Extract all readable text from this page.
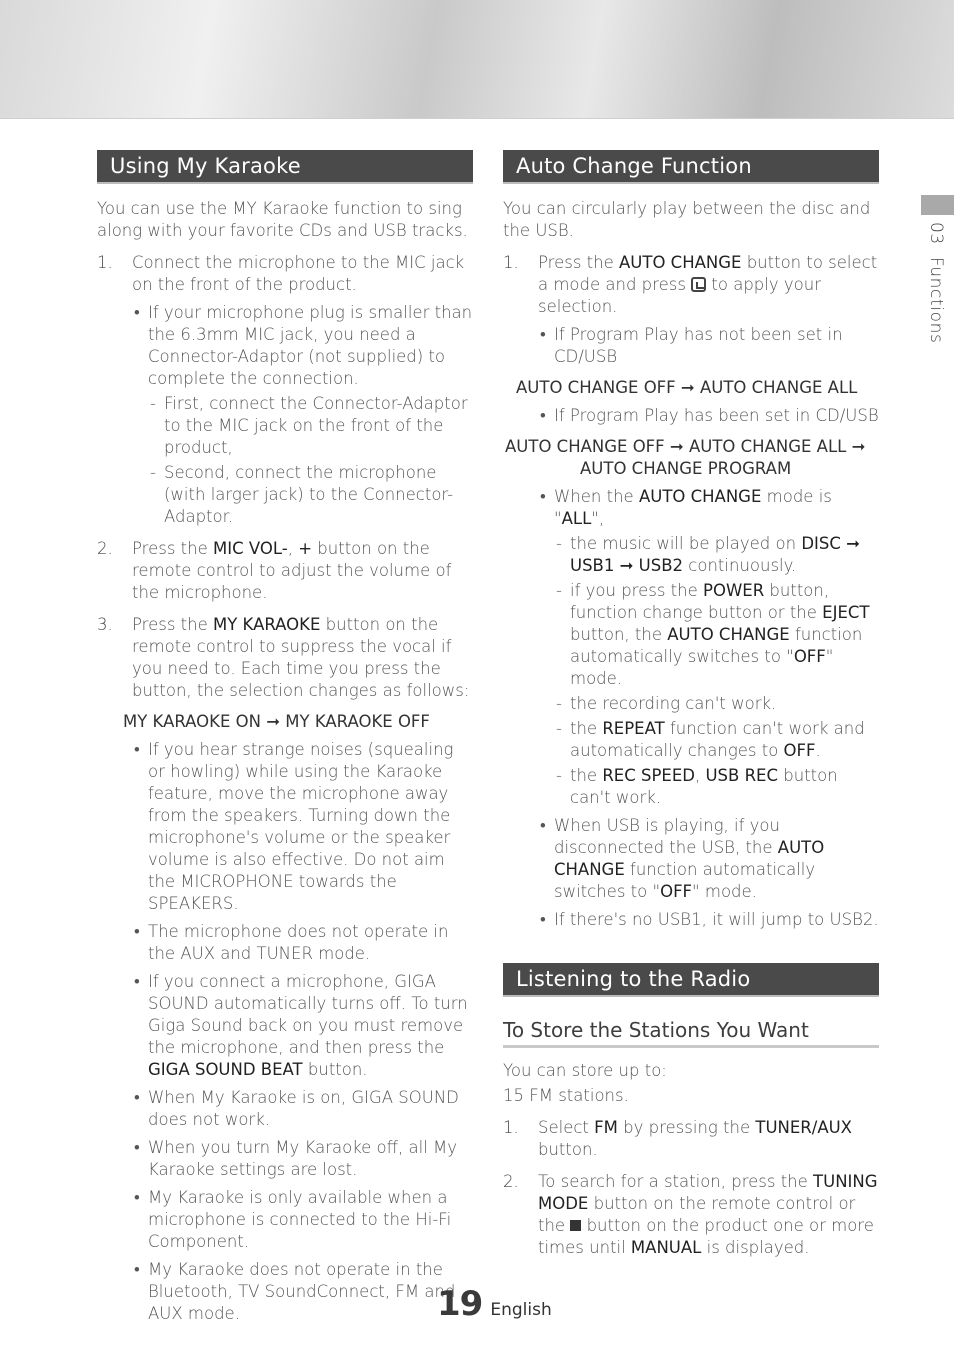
Using My Karaoke

You can use the MY Karaoke function to sing along with your favorite CDs and USB tracks.

1. Connect the microphone to the MIC jack on the front of the product.

• If your microphone plug is smaller than the 6.3mm MIC jack, you need a Connector-Adaptor (not supplied) to complete the connection.
- First, connect the Connector-Adaptor to the MIC jack on the front of the product,
- Second, connect the microphone (with larger jack) to the Connector-Adaptor.
2. Press the MIC VOL-, + button on the remote control to adjust the volume of the microphone.

3. Press the MY KARAOKE button on the remote control to suppress the vocal if you need to. Each time you press the button, the selection changes as follows:

MY KARAOKE ON ➞ MY KARAOKE OFF

• If you hear strange noises (squealing or howling) while using the Karaoke feature, move the microphone away from the speakers. Turning down the microphone's volume or the speaker volume is also effective. Do not aim the MICROPHONE towards the SPEAKERS.
• The microphone does not operate in the AUX and TUNER mode.
• If you connect a microphone, GIGA SOUND automatically turns off. To turn Giga Sound back on you must remove the microphone, and then press the GIGA SOUND BEAT button.
• When My Karaoke is on, GIGA SOUND does not work.
• When you turn My Karaoke off, all My Karaoke settings are lost.
• My Karaoke is only available when a microphone is connected to the Hi-Fi Component.
• My Karaoke does not operate in the Bluetooth, TV SoundConnect, FM and AUX mode.
Auto Change Function

You can circularly play between the disc and the USB.

1. Press the AUTO CHANGE button to select a mode and press  to apply your selection.

• If Program Play has not been set in CD/USB

AUTO CHANGE OFF ➞ AUTO CHANGE ALL

• If Program Play has been set in CD/USB

AUTO CHANGE OFF ➞ AUTO CHANGE ALL ➞

AUTO CHANGE PROGRAM

• When the AUTO CHANGE mode is "ALL",
- the music will be played on DISC ➞ USB1 ➞ USB2 continuously.
- if you press the POWER button, function change button or the EJECT button, the AUTO CHANGE function automatically switches to "OFF" mode.
- the recording can't work.
- the REPEAT function can't work and automatically changes to OFF.
- the REC SPEED, USB REC button can't work.
• When USB is playing, if you disconnected the USB, the AUTO CHANGE function automatically switches to "OFF" mode.
• If there's no USB1, it will jump to USB2.
Listening to the Radio
To Store the Stations You Want

You can store up to:

15 FM stations.

1. Select FM by pressing the TUNER/AUX button.

2. To search for a station, press the TUNING MODE button on the remote control or the  button on the product one or more times until MANUAL is displayed.

03  Functions
19 English
